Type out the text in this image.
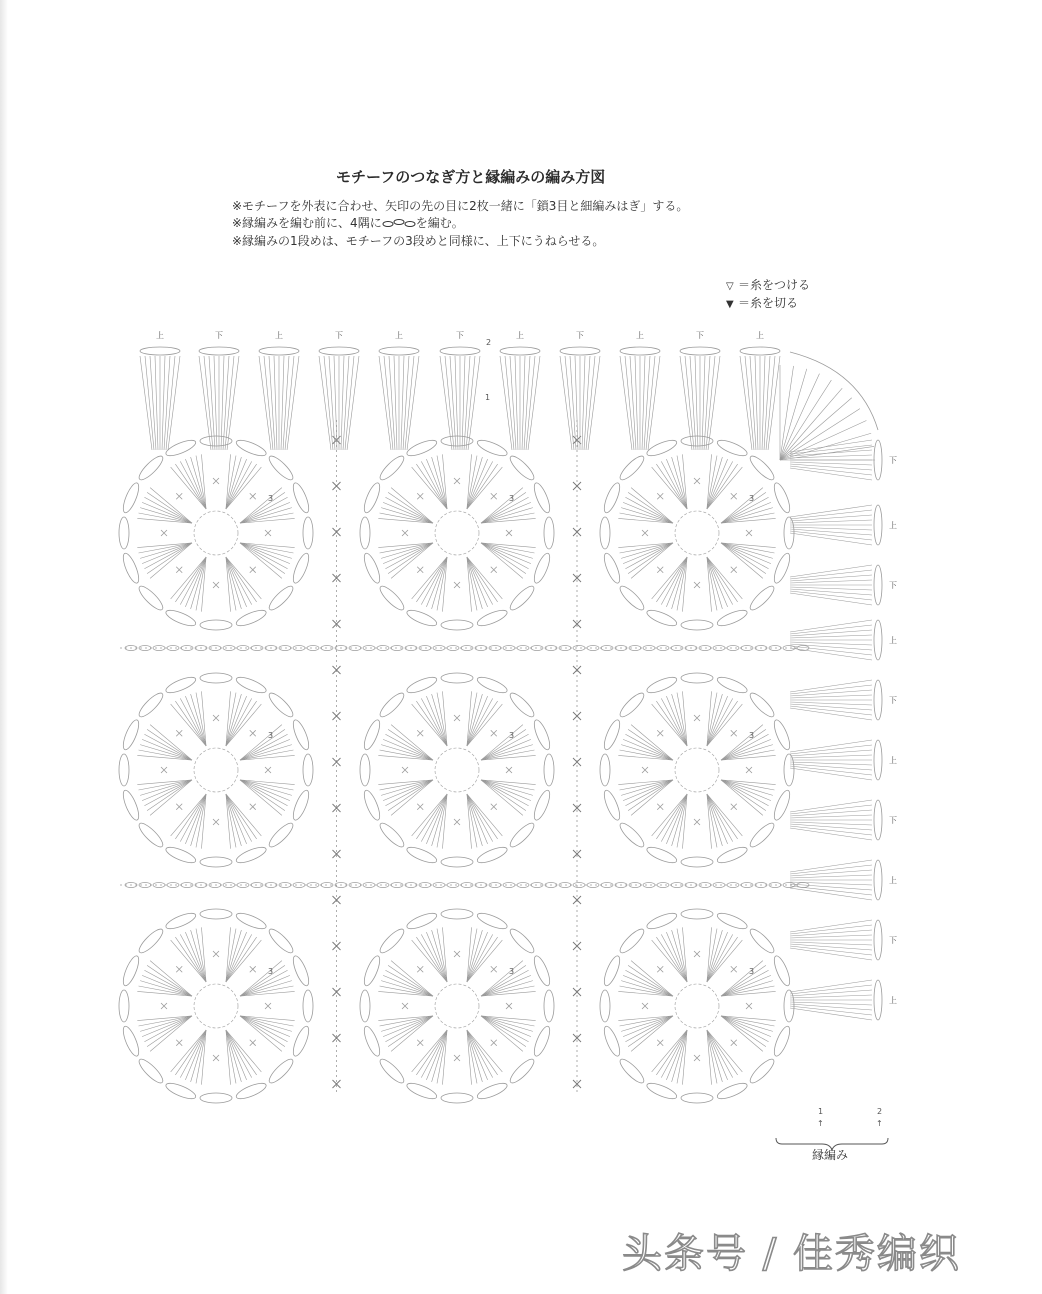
モチーフのつなぎ方と縁編みの編み方図
※モチーフを外表に合わせ、矢印の先の目に2枚一緒に「鎖3目と細編みはぎ」する。
※縁編みを編む前に、4隅に	を編む。
※縁編みの1段めは、モチーフの3段めと同様に、上下にうねらせる。
▽ ＝糸をつける
▼ ＝糸を切る
3	3	3
3	3	3
3	3	3
上	下	上	下	上	下	上	下	上	下	上
2
1
下
上
下
上
下
上
下
上
下
上
1
↑
2
↑
縁編み
头条号 / 佳秀编织
